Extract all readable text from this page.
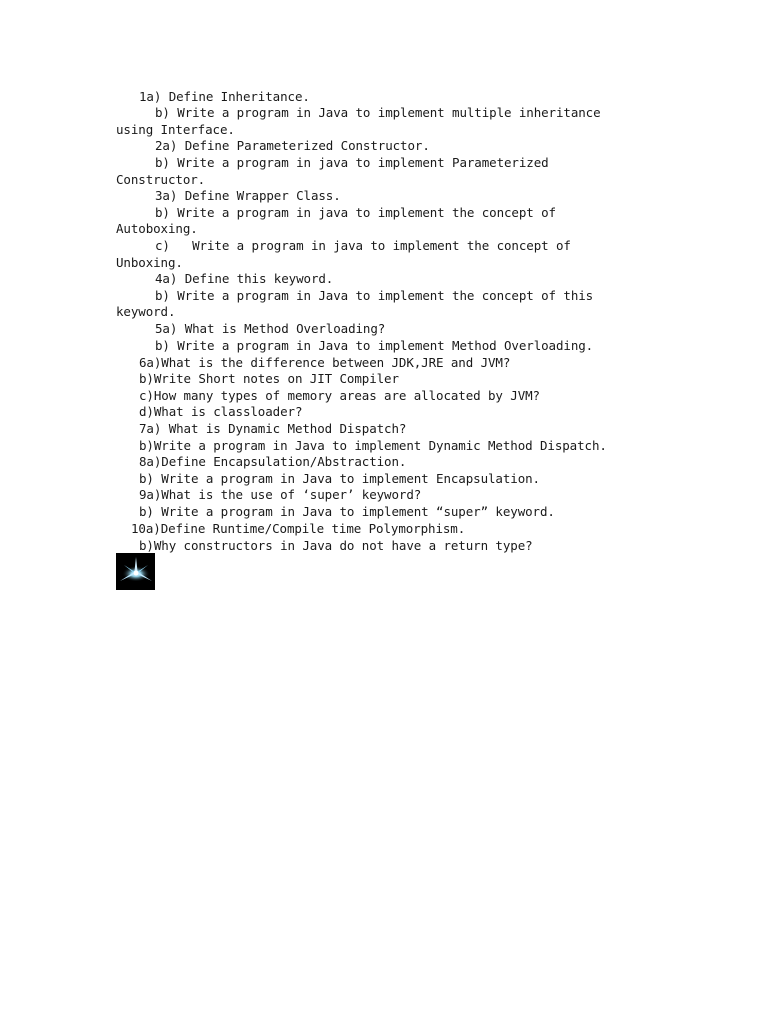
1a) Define Inheritance.
b) Write a program in Java to implement multiple inheritance
using Interface.
2a) Define Parameterized Constructor.
b) Write a program in java to implement Parameterized
Constructor.
3a) Define Wrapper Class.
b) Write a program in java to implement the concept of
Autoboxing.
c)   Write a program in java to implement the concept of
Unboxing.
4a) Define this keyword.
b) Write a program in Java to implement the concept of this
keyword.
5a) What is Method Overloading?
b) Write a program in Java to implement Method Overloading.
6a)What is the difference between JDK,JRE and JVM?
b)Write Short notes on JIT Compiler
c)How many types of memory areas are allocated by JVM?
d)What is classloader?
7a) What is Dynamic Method Dispatch?
b)Write a program in Java to implement Dynamic Method Dispatch.
8a)Define Encapsulation/Abstraction.
b) Write a program in Java to implement Encapsulation.
9a)What is the use of ‘super’ keyword?
b) Write a program in Java to implement “super” keyword.
10a)Define Runtime/Compile time Polymorphism.
b)Why constructors in Java do not have a return type?
